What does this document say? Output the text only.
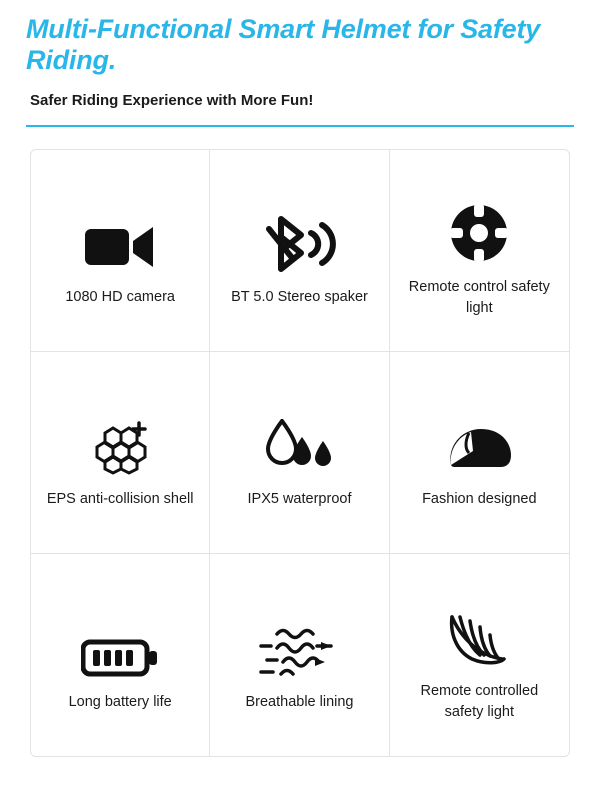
Multi-Functional Smart Helmet for Safety Riding.
Safer Riding Experience with More Fun!
1080 HD camera	BT 5.0 Stereo spaker
Remote control safety light
EPS anti-collision shell	IPX5 waterproof	Fashion designed
Long battery life	Breathable lining
Remote controlled safety light
